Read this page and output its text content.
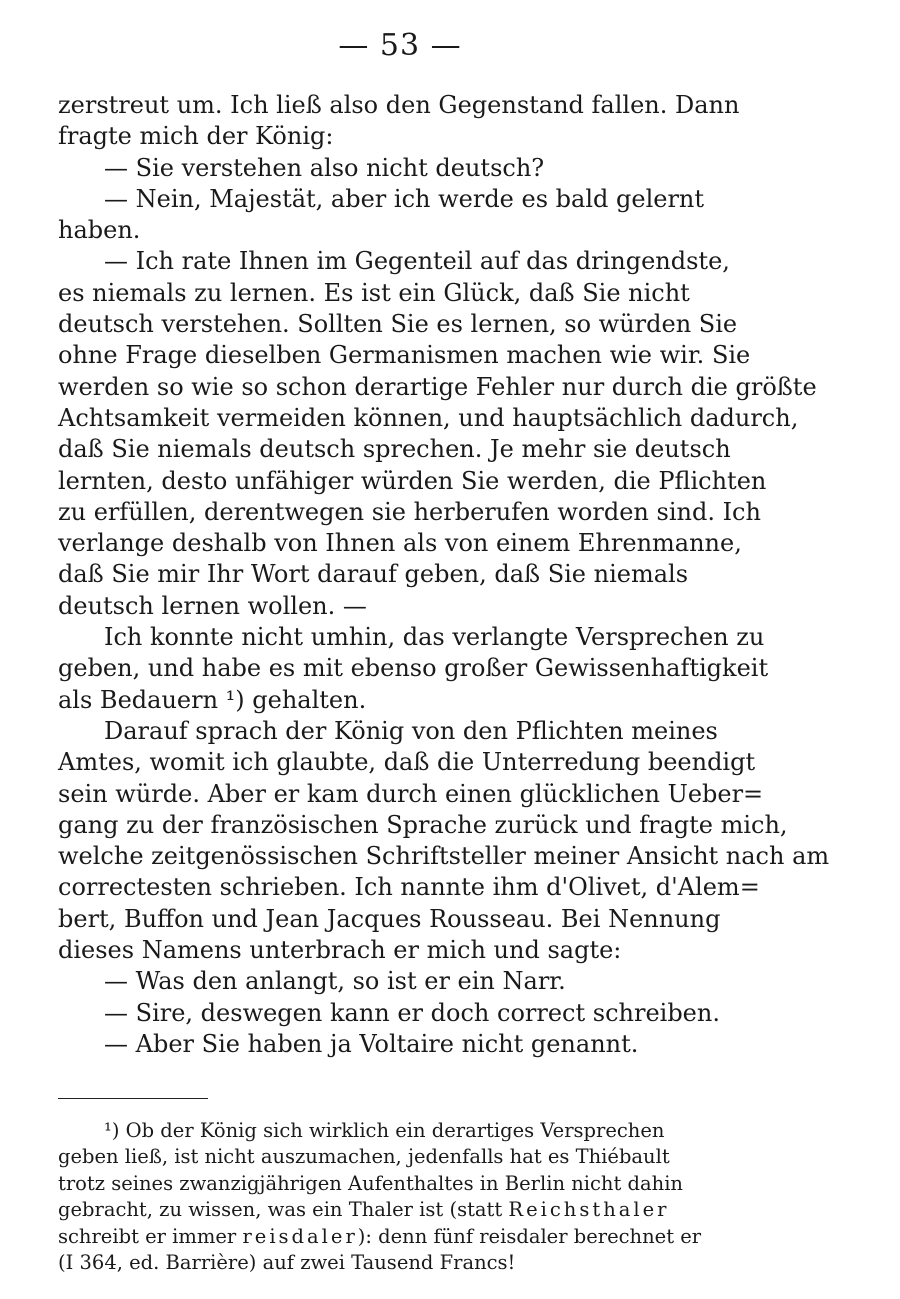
— 53 —
zerstreut um. Ich ließ also den Gegenstand fallen. Dann
fragte mich der König:
— Sie verstehen also nicht deutsch?
— Nein, Majestät, aber ich werde es bald gelernt
haben.
— Ich rate Ihnen im Gegenteil auf das dringendste,
es niemals zu lernen. Es ist ein Glück, daß Sie nicht
deutsch verstehen. Sollten Sie es lernen, so würden Sie
ohne Frage dieselben Germanismen machen wie wir. Sie
werden so wie so schon derartige Fehler nur durch die größte
Achtsamkeit vermeiden können, und hauptsächlich dadurch,
daß Sie niemals deutsch sprechen. Je mehr sie deutsch
lernten, desto unfähiger würden Sie werden, die Pflichten
zu erfüllen, derentwegen sie herberufen worden sind. Ich
verlange deshalb von Ihnen als von einem Ehrenmanne,
daß Sie mir Ihr Wort darauf geben, daß Sie niemals
deutsch lernen wollen. —
Ich konnte nicht umhin, das verlangte Versprechen zu
geben, und habe es mit ebenso großer Gewissenhaftigkeit
als Bedauern ¹) gehalten.
Darauf sprach der König von den Pflichten meines
Amtes, womit ich glaubte, daß die Unterredung beendigt
sein würde. Aber er kam durch einen glücklichen Ueber=
gang zu der französischen Sprache zurück und fragte mich,
welche zeitgenössischen Schriftsteller meiner Ansicht nach am
correctesten schrieben. Ich nannte ihm d'Olivet, d'Alem=
bert, Buffon und Jean Jacques Rousseau. Bei Nennung
dieses Namens unterbrach er mich und sagte:
— Was den anlangt, so ist er ein Narr.
— Sire, deswegen kann er doch correct schreiben.
— Aber Sie haben ja Voltaire nicht genannt.
¹) Ob der König sich wirklich ein derartiges Versprechen
geben ließ, ist nicht auszumachen, jedenfalls hat es Thiébault
trotz seines zwanzigjährigen Aufenthaltes in Berlin nicht dahin
gebracht, zu wissen, was ein Thaler ist (statt Reichsthaler
schreibt er immer reisdaler): denn fünf reisdaler berechnet er
(I 364, ed. Barrière) auf zwei Tausend Francs!
